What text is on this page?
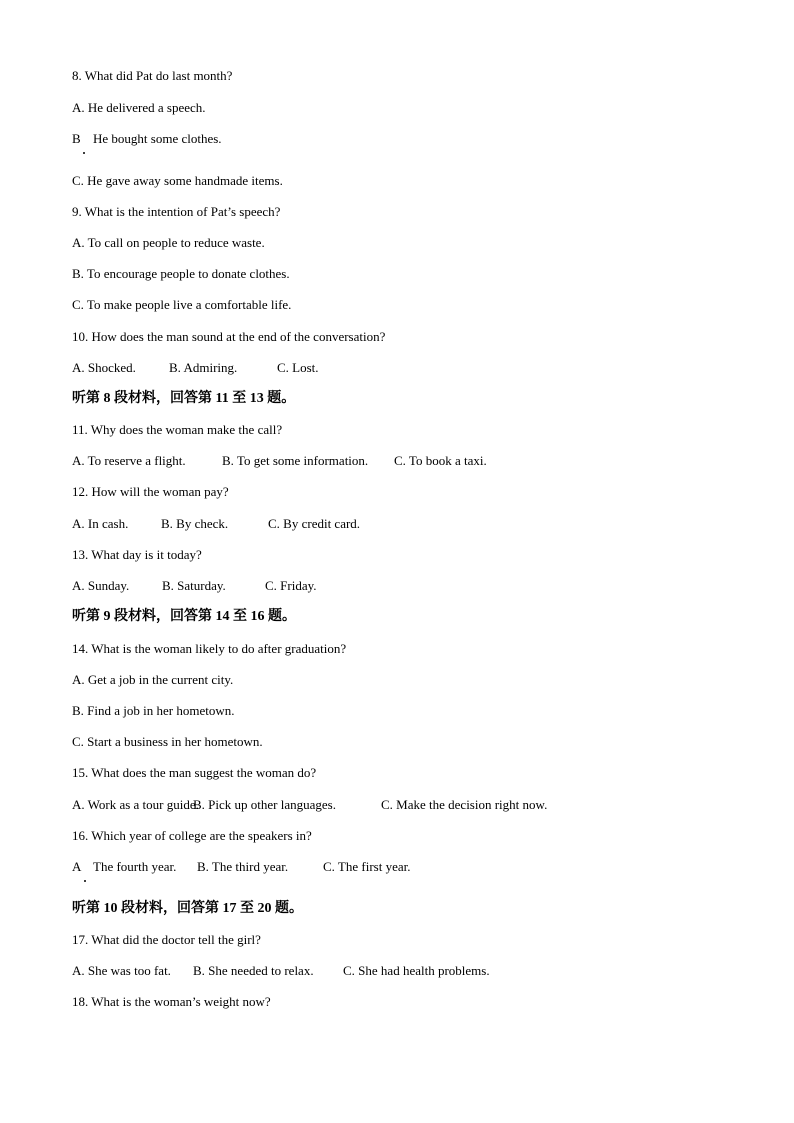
8. What did Pat do last month?
A. He delivered a speech.
B He bought some clothes.
C. He gave away some handmade items.
9. What is the intention of Pat’s speech?
A. To call on people to reduce waste.
B. To encourage people to donate clothes.
C. To make people live a comfortable life.
10. How does the man sound at the end of the conversation?
A. Shocked.	B. Admiring.	C. Lost.
听第 8 段材料，回答第 11 至 13 题。
11. Why does the woman make the call?
A. To reserve a flight.	B. To get some information. C. To book a taxi.
12. How will the woman pay?
A. In cash.	B. By check.	C. By credit card.
13. What day is it today?
A. Sunday.	B. Saturday.	C. Friday.
听第 9 段材料，回答第 14 至 16 题。
14. What is the woman likely to do after graduation?
A. Get a job in the current city.
B. Find a job in her hometown.
C. Start a business in her hometown.
15. What does the man suggest the woman do?
A. Work as a tour guide.
B. Pick up other languages.	C. Make the decision right now.
16. Which year of college are the speakers in?
A The fourth year. B. The third year.	C. The first year.
听第 10 段材料，回答第 17 至 20 题。
17. What did the doctor tell the girl?
A. She was too fat. B. She needed to relax. C. She had health problems.
18. What is the woman’s weight now?
